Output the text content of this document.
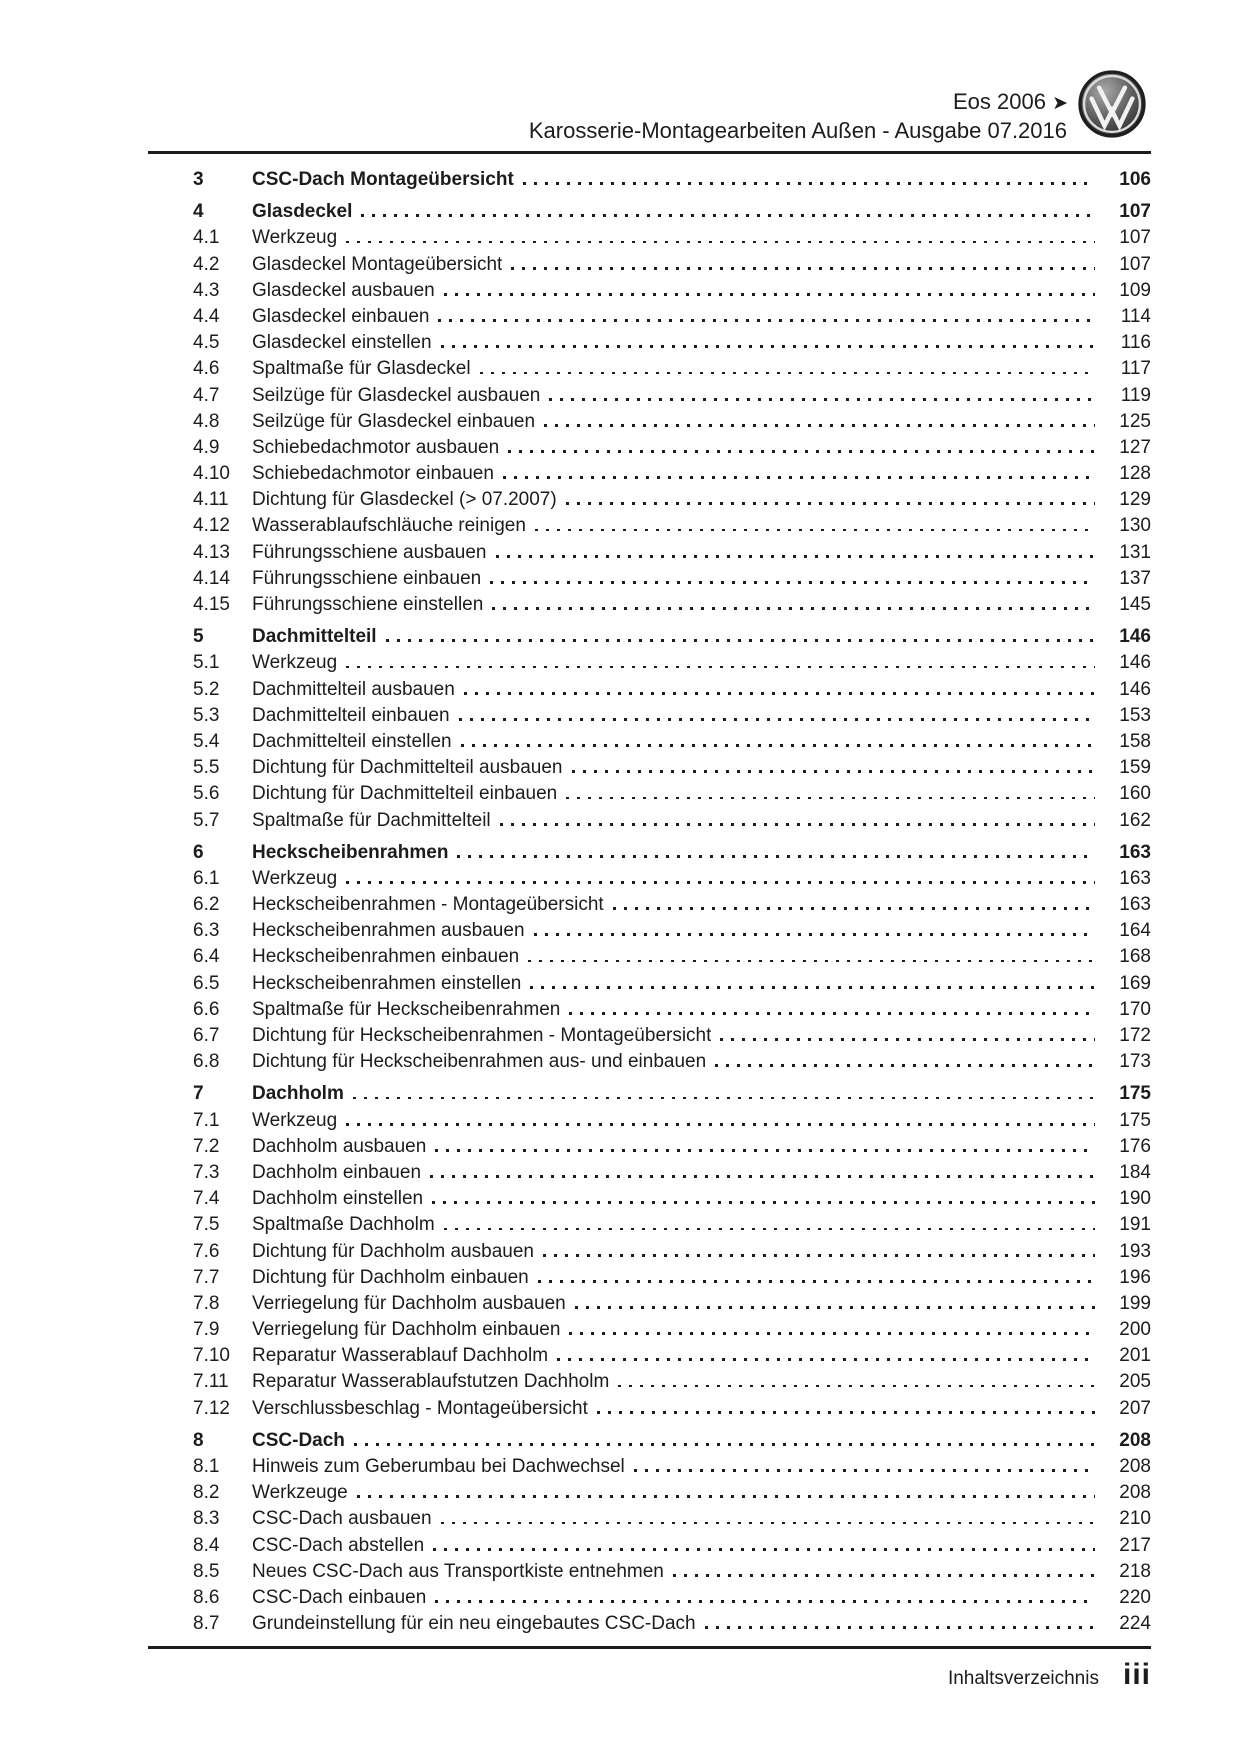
Eos 2006 ➤
Karosserie-Montagearbeiten Außen - Ausgabe 07.2016
3	CSC-Dach Montageübersicht	106
4	Glasdeckel	107
4.1	Werkzeug	107
4.2	Glasdeckel Montageübersicht	107
4.3	Glasdeckel ausbauen	109
4.4	Glasdeckel einbauen	114
4.5	Glasdeckel einstellen	116
4.6	Spaltmaße für Glasdeckel	117
4.7	Seilzüge für Glasdeckel ausbauen	119
4.8	Seilzüge für Glasdeckel einbauen	125
4.9	Schiebedachmotor ausbauen	127
4.10	Schiebedachmotor einbauen	128
4.11	Dichtung für Glasdeckel (> 07.2007)	129
4.12	Wasserablaufschläuche reinigen	130
4.13	Führungsschiene ausbauen	131
4.14	Führungsschiene einbauen	137
4.15	Führungsschiene einstellen	145
5	Dachmittelteil	146
5.1	Werkzeug	146
5.2	Dachmittelteil ausbauen	146
5.3	Dachmittelteil einbauen	153
5.4	Dachmittelteil einstellen	158
5.5	Dichtung für Dachmittelteil ausbauen	159
5.6	Dichtung für Dachmittelteil einbauen	160
5.7	Spaltmaße für Dachmittelteil	162
6	Heckscheibenrahmen	163
6.1	Werkzeug	163
6.2	Heckscheibenrahmen - Montageübersicht	163
6.3	Heckscheibenrahmen ausbauen	164
6.4	Heckscheibenrahmen einbauen	168
6.5	Heckscheibenrahmen einstellen	169
6.6	Spaltmaße für Heckscheibenrahmen	170
6.7	Dichtung für Heckscheibenrahmen - Montageübersicht	172
6.8	Dichtung für Heckscheibenrahmen aus- und einbauen	173
7	Dachholm	175
7.1	Werkzeug	175
7.2	Dachholm ausbauen	176
7.3	Dachholm einbauen	184
7.4	Dachholm einstellen	190
7.5	Spaltmaße Dachholm	191
7.6	Dichtung für Dachholm ausbauen	193
7.7	Dichtung für Dachholm einbauen	196
7.8	Verriegelung für Dachholm ausbauen	199
7.9	Verriegelung für Dachholm einbauen	200
7.10	Reparatur Wasserablauf Dachholm	201
7.11	Reparatur Wasserablaufstutzen Dachholm	205
7.12	Verschlussbeschlag - Montageübersicht	207
8	CSC-Dach	208
8.1	Hinweis zum Geberumbau bei Dachwechsel	208
8.2	Werkzeuge	208
8.3	CSC-Dach ausbauen	210
8.4	CSC-Dach abstellen	217
8.5	Neues CSC-Dach aus Transportkiste entnehmen	218
8.6	CSC-Dach einbauen	220
8.7	Grundeinstellung für ein neu eingebautes CSC-Dach	224
Inhaltsverzeichnis iii
